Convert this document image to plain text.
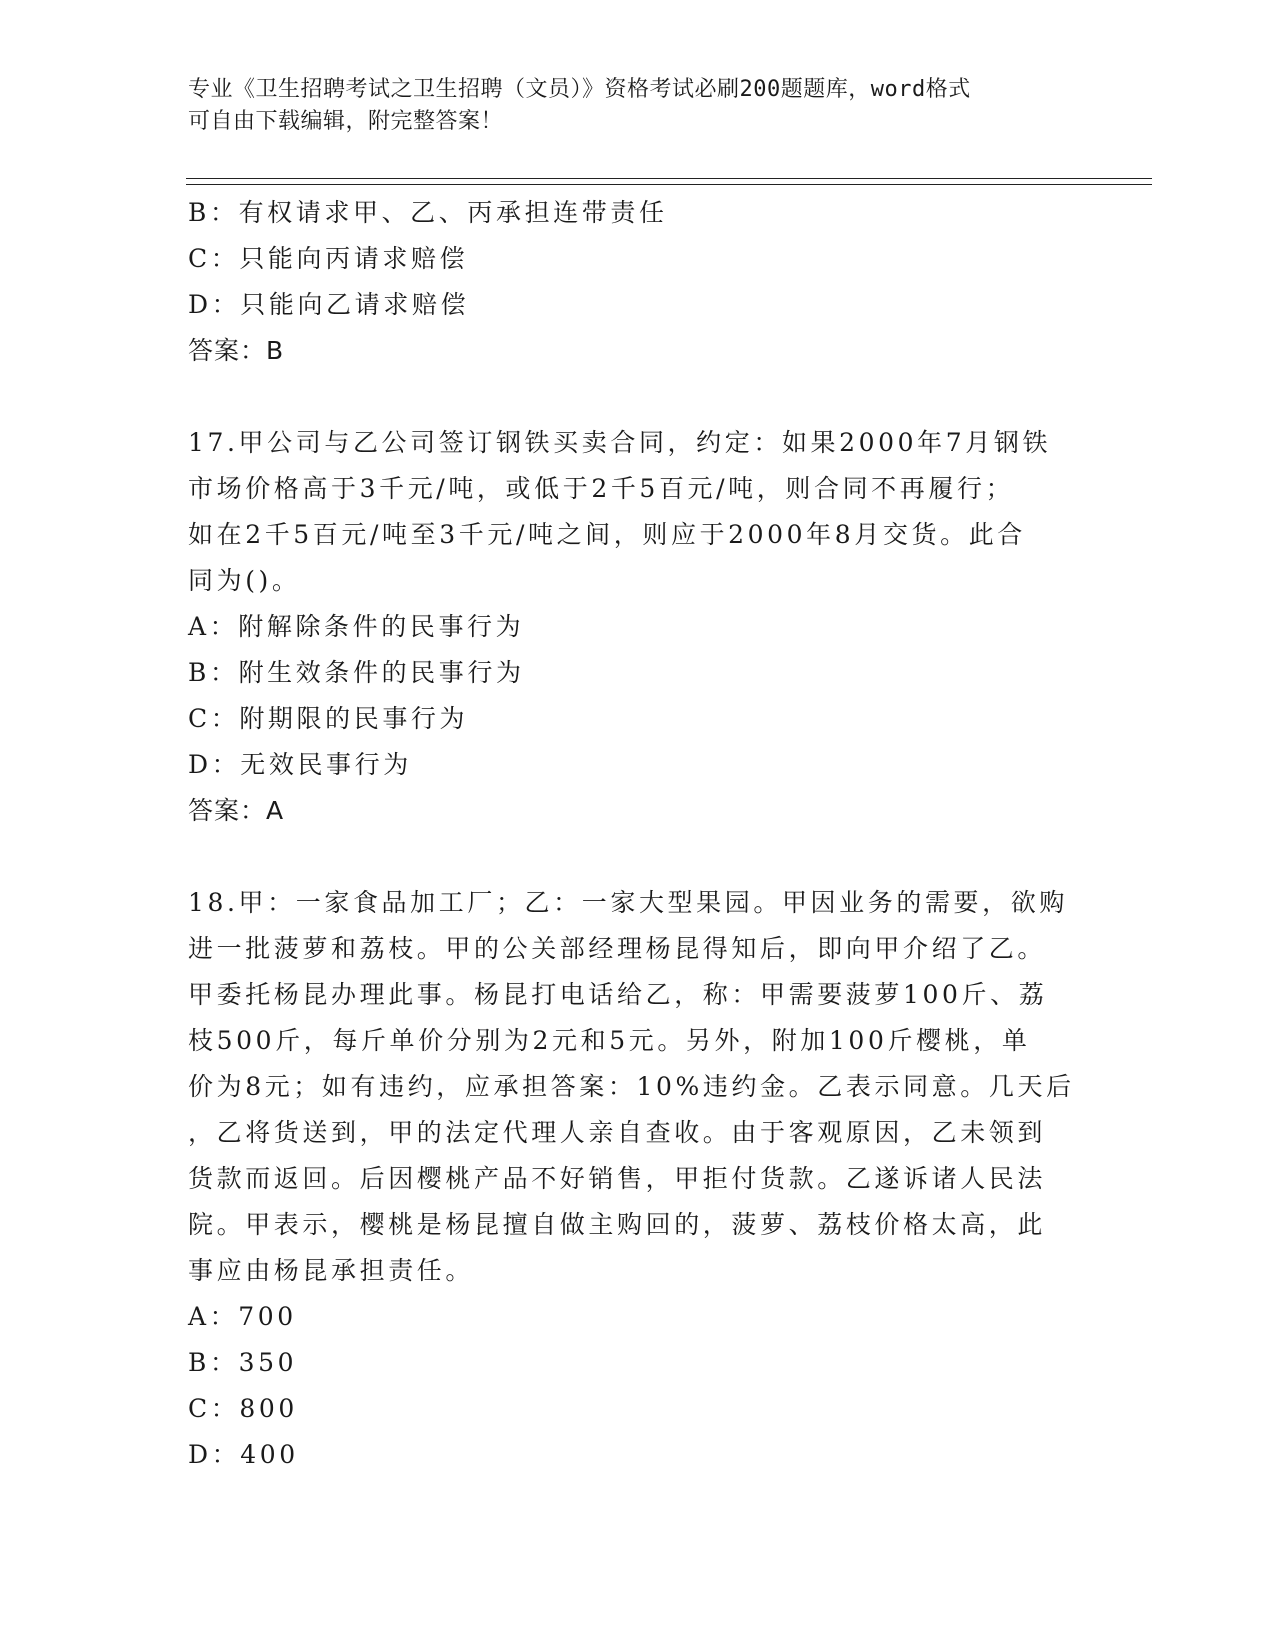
专业《卫生招聘考试之卫生招聘（文员）》资格考试必刷200题题库，word格式
可自由下载编辑，附完整答案！
B：有权请求甲、乙、丙承担连带责任
C：只能向丙请求赔偿
D：只能向乙请求赔偿
答案：B
17.甲公司与乙公司签订钢铁买卖合同，约定：如果2000年7月钢铁
市场价格高于3千元/吨，或低于2千5百元/吨，则合同不再履行；
如在2千5百元/吨至3千元/吨之间，则应于2000年8月交货。此合
同为()。
A：附解除条件的民事行为
B：附生效条件的民事行为
C：附期限的民事行为
D：无效民事行为
答案：A
18.甲：一家食品加工厂；乙：一家大型果园。甲因业务的需要，欲购
进一批菠萝和荔枝。甲的公关部经理杨昆得知后，即向甲介绍了乙。
甲委托杨昆办理此事。杨昆打电话给乙，称：甲需要菠萝100斤、荔
枝500斤，每斤单价分别为2元和5元。另外，附加100斤樱桃，单
价为8元；如有违约，应承担答案：10%违约金。乙表示同意。几天后
，乙将货送到，甲的法定代理人亲自查收。由于客观原因，乙未领到
货款而返回。后因樱桃产品不好销售，甲拒付货款。乙遂诉诸人民法
院。甲表示，樱桃是杨昆擅自做主购回的，菠萝、荔枝价格太高，此
事应由杨昆承担责任。
A：700
B：350
C：800
D：400
